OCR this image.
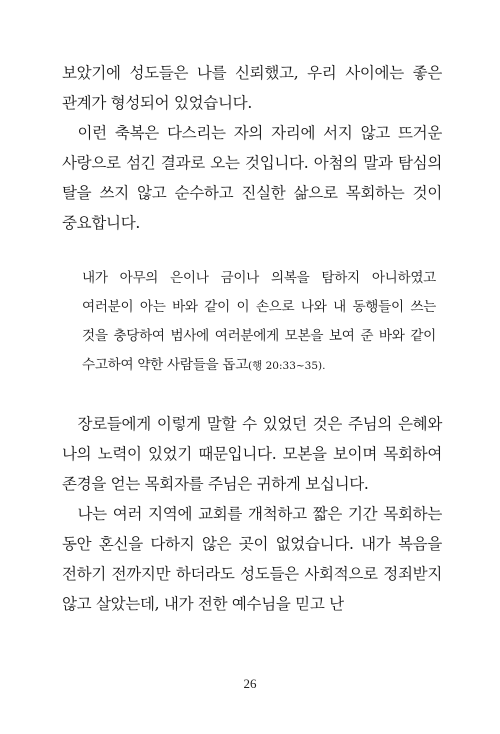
보았기에 성도들은 나를 신뢰했고, 우리 사이에는 좋은 관계가 형성되어 있었습니다.

이런 축복은 다스리는 자의 자리에 서지 않고 뜨거운 사랑으로 섬긴 결과로 오는 것입니다. 아첨의 말과 탐심의 탈을 쓰지 않고 순수하고 진실한 삶으로 목회하는 것이 중요합니다.

내가 아무의 은이나 금이나 의복을 탐하지 아니하였고 여러분이 아는 바와 같이 이 손으로 나와 내 동행들이 쓰는 것을 충당하여 범사에 여러분에게 모본을 보여 준 바와 같이 수고하여 약한 사람들을 돕고(행 20:33~35).

장로들에게 이렇게 말할 수 있었던 것은 주님의 은혜와 나의 노력이 있었기 때문입니다. 모본을 보이며 목회하여 존경을 얻는 목회자를 주님은 귀하게 보십니다.

나는 여러 지역에 교회를 개척하고 짧은 기간 목회하는 동안 혼신을 다하지 않은 곳이 없었습니다. 내가 복음을 전하기 전까지만 하더라도 성도들은 사회적으로 정죄받지 않고 살았는데, 내가 전한 예수님을 믿고 난

26
